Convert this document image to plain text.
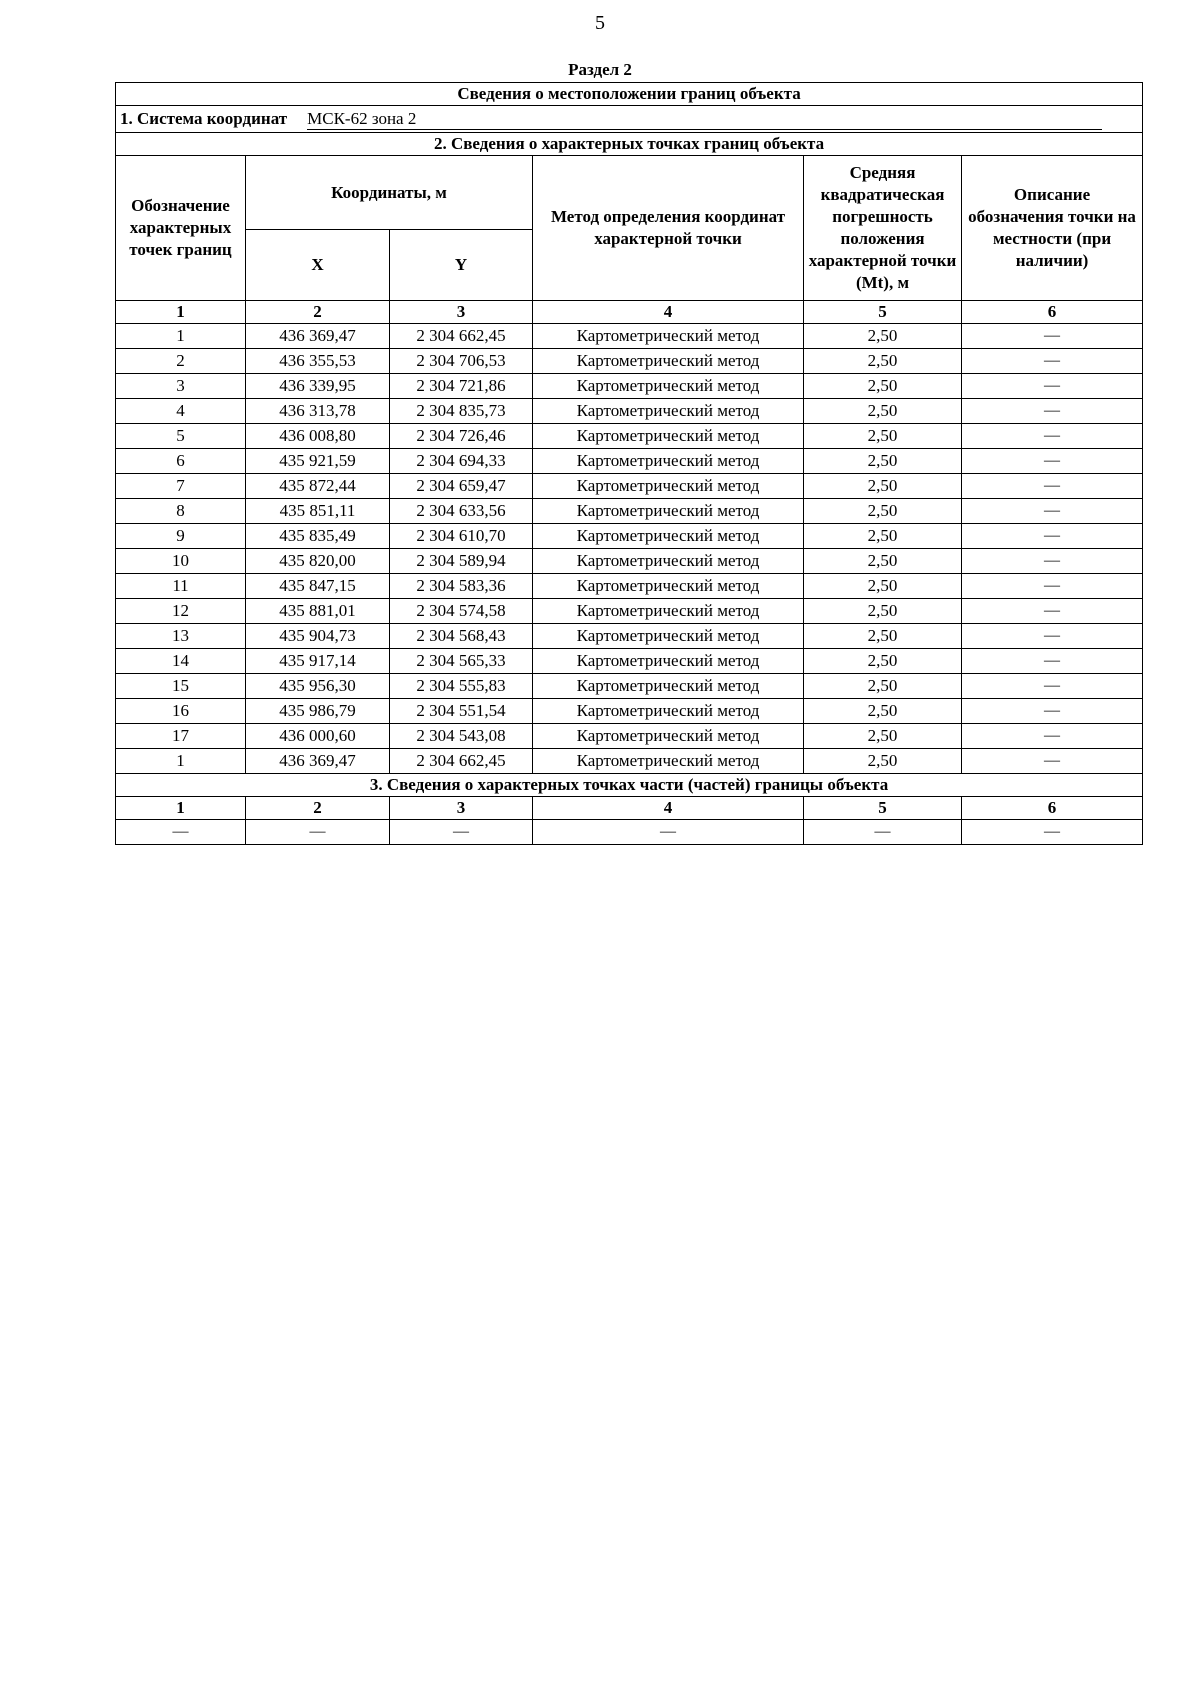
5
Раздел 2
Сведения о местоположении границ объекта					
1. Система координат МСК-62 зона 2					
2. Сведения о характерных точках границ объекта					
Обозначение характерных точек границ	Координаты, м		Метод определения координат характерной точки	Средняя квадратическая погрешность положения характерной точки (Mt), м	Описание обозначения точки на местности (при наличии)
	X	Y			
1	2	3	4	5	6
1	436 369,47	2 304 662,45	Картометрический метод	2,50	—
2	436 355,53	2 304 706,53	Картометрический метод	2,50	—
3	436 339,95	2 304 721,86	Картометрический метод	2,50	—
4	436 313,78	2 304 835,73	Картометрический метод	2,50	—
5	436 008,80	2 304 726,46	Картометрический метод	2,50	—
6	435 921,59	2 304 694,33	Картометрический метод	2,50	—
7	435 872,44	2 304 659,47	Картометрический метод	2,50	—
8	435 851,11	2 304 633,56	Картометрический метод	2,50	—
9	435 835,49	2 304 610,70	Картометрический метод	2,50	—
10	435 820,00	2 304 589,94	Картометрический метод	2,50	—
11	435 847,15	2 304 583,36	Картометрический метод	2,50	—
12	435 881,01	2 304 574,58	Картометрический метод	2,50	—
13	435 904,73	2 304 568,43	Картометрический метод	2,50	—
14	435 917,14	2 304 565,33	Картометрический метод	2,50	—
15	435 956,30	2 304 555,83	Картометрический метод	2,50	—
16	435 986,79	2 304 551,54	Картометрический метод	2,50	—
17	436 000,60	2 304 543,08	Картометрический метод	2,50	—
1	436 369,47	2 304 662,45	Картометрический метод	2,50	—
3. Сведения о характерных точках части (частей) границы объекта					
1	2	3	4	5	6
—	—	—	—	—	—
